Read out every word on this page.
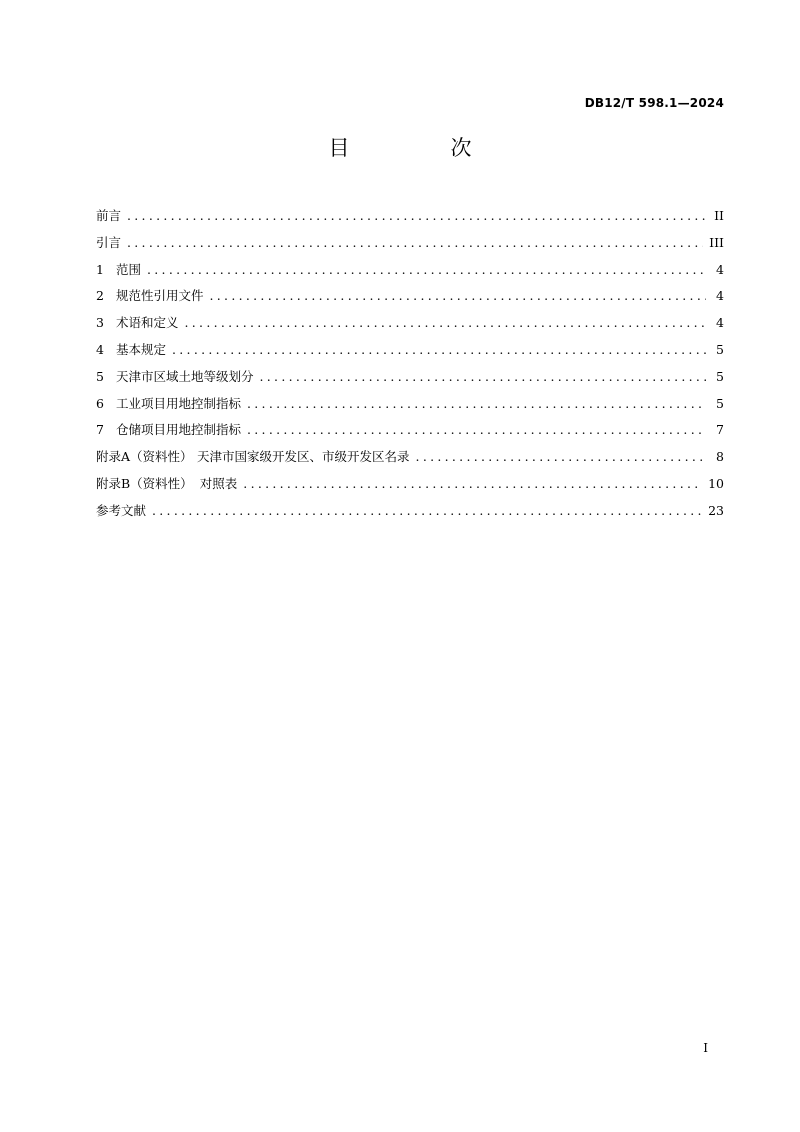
DB12/T 598.1—2024
目　次
前言 .....	II
引言 .....	III
1 范围 .....	4
2 规范性引用文件 .....	4
3 术语和定义 .....	4
4 基本规定 .....	5
5 天津市区域土地等级划分 .....	5
6 工业项目用地控制指标 .....	5
7 仓储项目用地控制指标 .....	7
附录A（资料性） 天津市国家级开发区、市级开发区名录 .....	8
附录B（资料性） 对照表 .....	10
参考文献 .....	23
I
